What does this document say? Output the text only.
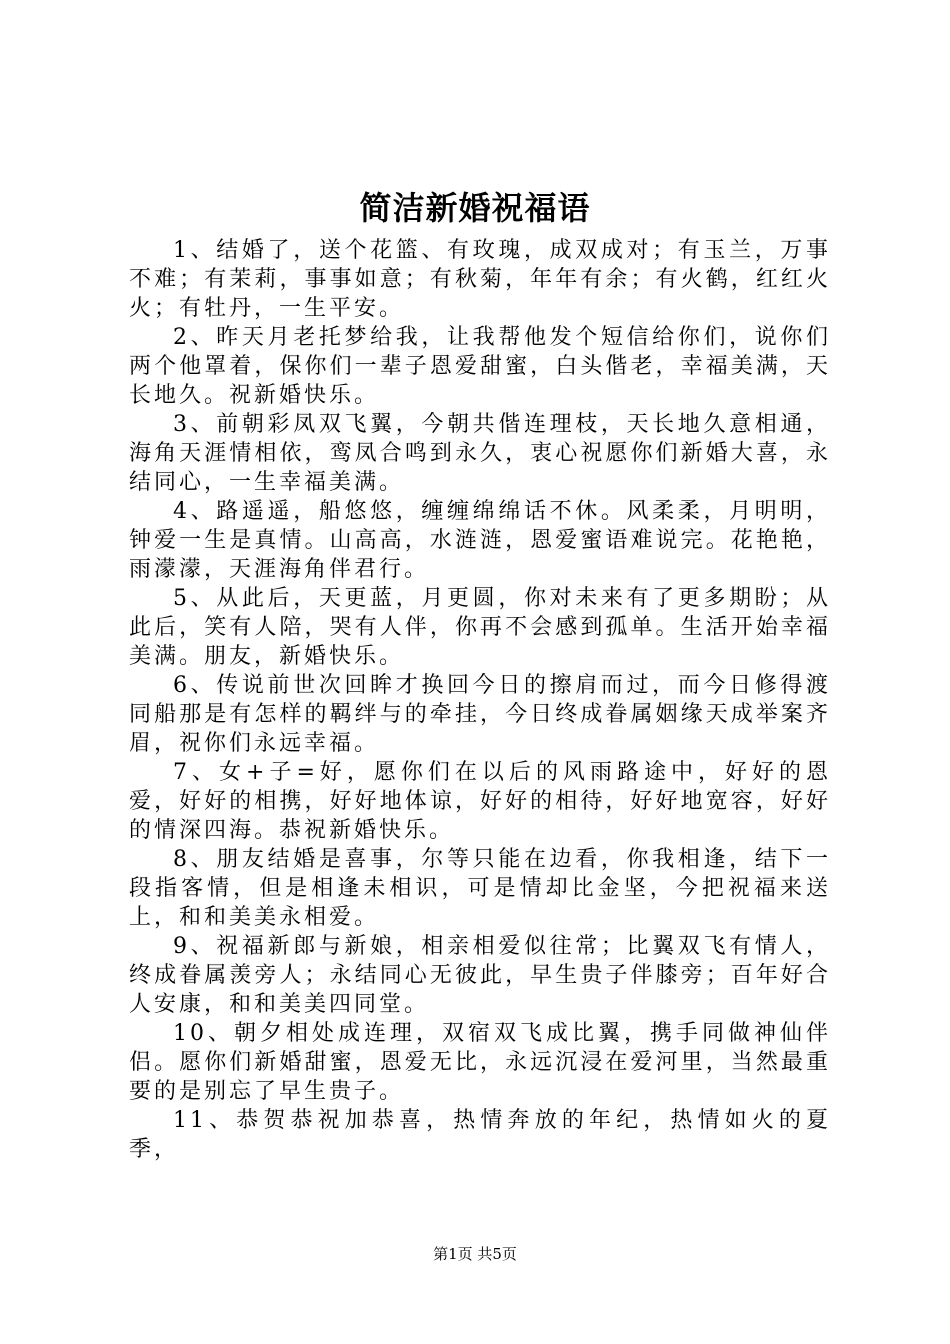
简洁新婚祝福语

1、结婚了，送个花篮、有玫瑰，成双成对；有玉兰，万事不难；有茉莉，事事如意；有秋菊，年年有余；有火鹤，红红火火；有牡丹，一生平安。

2、昨天月老托梦给我，让我帮他发个短信给你们，说你们两个他罩着，保你们一辈子恩爱甜蜜，白头偕老，幸福美满，天长地久。祝新婚快乐。

3、前朝彩凤双飞翼，今朝共偕连理枝，天长地久意相通，海角天涯情相依，鸾凤合鸣到永久，衷心祝愿你们新婚大喜，永结同心，一生幸福美满。

4、路遥遥，船悠悠，缠缠绵绵话不休。风柔柔，月明明，钟爱一生是真情。山高高，水涟涟，恩爱蜜语难说完。花艳艳，雨濛濛，天涯海角伴君行。

5、从此后，天更蓝，月更圆，你对未来有了更多期盼；从此后，笑有人陪，哭有人伴，你再不会感到孤单。生活开始幸福美满。朋友，新婚快乐。

6、传说前世次回眸才换回今日的擦肩而过，而今日修得渡同船那是有怎样的羁绊与的牵挂，今日终成眷属姻缘天成举案齐眉，祝你们永远幸福。

7、女+子=好，愿你们在以后的风雨路途中，好好的恩爱，好好的相携，好好地体谅，好好的相待，好好地宽容，好好的情深四海。恭祝新婚快乐。

8、朋友结婚是喜事，尔等只能在边看，你我相逢，结下一段指客情，但是相逢未相识，可是情却比金坚，今把祝福来送上，和和美美永相爱。

9、祝福新郎与新娘，相亲相爱似往常；比翼双飞有情人，终成眷属羡旁人；永结同心无彼此，早生贵子伴膝旁；百年好合人安康，和和美美四同堂。

10、朝夕相处成连理，双宿双飞成比翼，携手同做神仙伴侣。愿你们新婚甜蜜，恩爱无比，永远沉浸在爱河里，当然最重要的是别忘了早生贵子。

11、恭贺恭祝加恭喜，热情奔放的年纪，热情如火的夏季，

第1页 共5页
